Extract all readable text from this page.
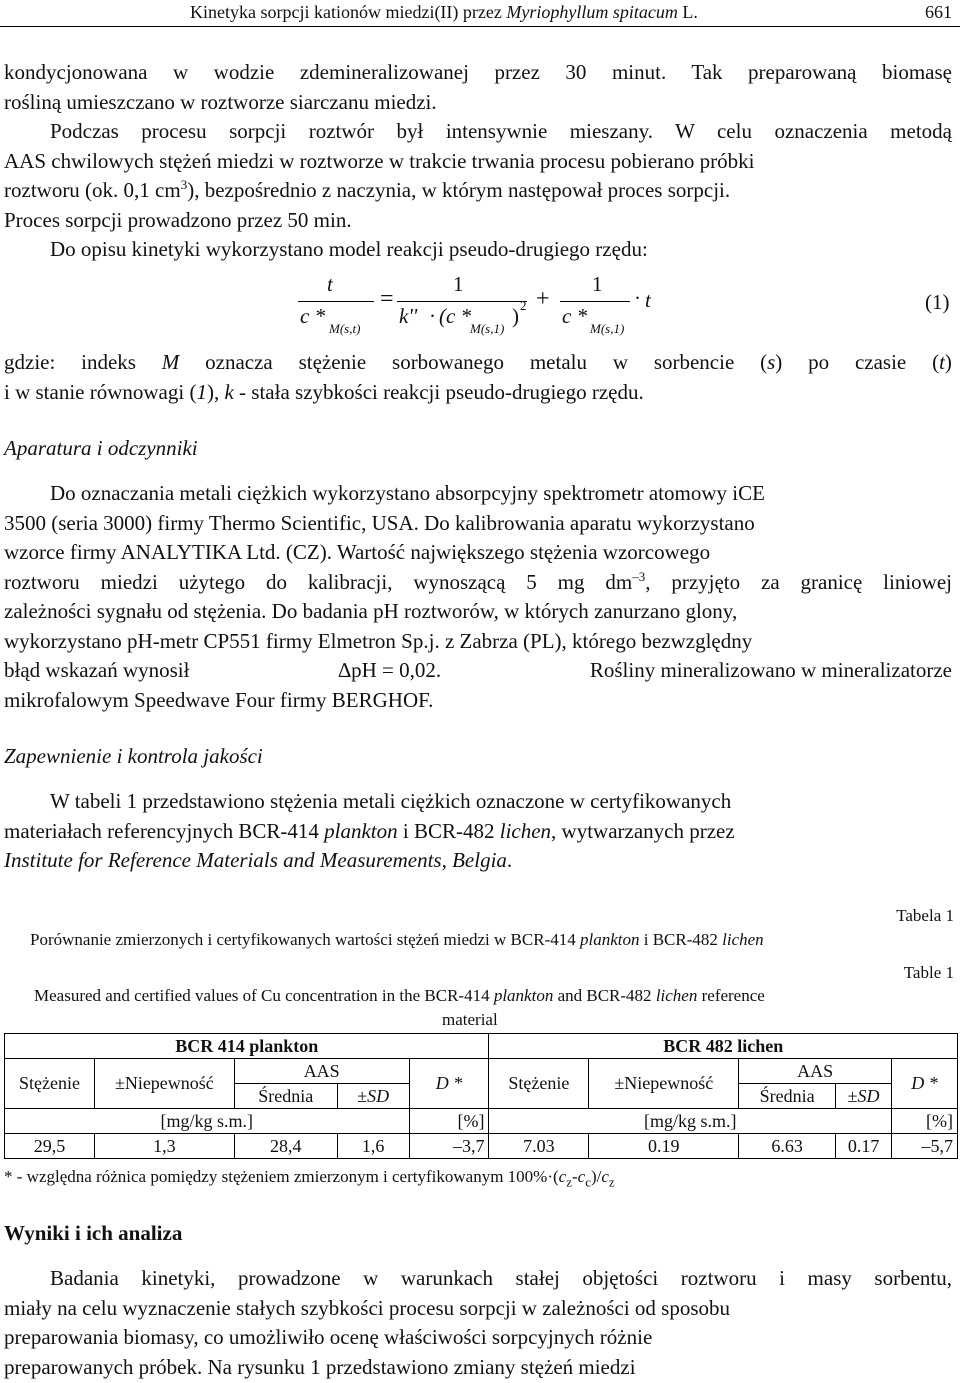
Kinetyka sorpcji kationów miedzi(II) przez Myriophyllum spitacum L.	661
kondycjonowana w wodzie zdemineralizowanej przez 30 minut. Tak preparowaną biomasę
rośliną umieszczano w roztworze siarczanu miedzi.
Podczas procesu sorpcji roztwór był intensywnie mieszany. W celu oznaczenia metodą
AAS chwilowych stężeń miedzi w roztworze w trakcie trwania procesu pobierano próbki
roztworu (ok. 0,1 $cm^3$), bezpośrednio z naczynia, w którym następował proces sorpcji.
Proces sorpcji prowadzono przez 50 min.
Do opisu kinetyki wykorzystano model reakcji pseudo-drugiego rzędu:
t
c *
M(s,t)
=
1
k'' · (c *
M(s,1)
) 2 +
1
c *
M(s,1)
· t	(1)
gdzie: indeks M oznacza stężenie sorbowanego metalu w sorbencie (s) po czasie (t)
i w stanie równowagi (1), k - stała szybkości reakcji pseudo-drugiego rzędu.
Aparatura i odczynniki
Do oznaczania metali ciężkich wykorzystano absorpcyjny spektrometr atomowy iCE
3500 (seria 3000) firmy Thermo Scientific, USA. Do kalibrowania aparatu wykorzystano
wzorce firmy ANALYTIKA Ltd. (CZ). Wartość największego stężenia wzorcowego
roztworu miedzi użytego do kalibracji, wynoszącą 5 mg $dm^{-3}$, przyjęto za granicę liniowej
zależności sygnału od stężenia. Do badania pH roztworów, w których zanurzano glony,
wykorzystano pH-metr CP551 firmy Elmetron Sp.j. z Zabrza (PL), którego bezwzględny
błąd wskazań wynosił	∆pH = 0,02.	Rośliny mineralizowano w mineralizatorze
mikrofalowym Speedwave Four firmy BERGHOF.
Zapewnienie i kontrola jakości
W tabeli 1 przedstawiono stężenia metali ciężkich oznaczone w certyfikowanych
materiałach referencyjnych BCR-414 plankton i BCR-482 lichen, wytwarzanych przez
Institute for Reference Materials and Measurements, Belgia.
Tabela 1
Porównanie zmierzonych i certyfikowanych wartości stężeń miedzi w BCR-414 plankton i BCR-482 lichen
Table 1
Measured and certified values of Cu concentration in the BCR-414 plankton and BCR-482 lichen reference
material
BCR 414 plankton					BCR 482 lichen				
Stężenie	±Niepewność	AAS		D *	Stężenie	±Niepewność	AAS		D *
		Średnia	±SD				Średnia	±SD	
[mg/kg s.m.]				[%]	[mg/kg s.m.]				[%]
29,5	1,3	28,4	1,6	–3,7	7.03	0.19	6.63	0.17	–5,7
* - względna różnica pomiędzy stężeniem zmierzonym i certyfikowanym $100\%\cdot(c_z-c_c)/c_z$
Wyniki i ich analiza
Badania kinetyki, prowadzone w warunkach stałej objętości roztworu i masy sorbentu,
miały na celu wyznaczenie stałych szybkości procesu sorpcji w zależności od sposobu
preparowania biomasy, co umożliwiło ocenę właściwości sorpcyjnych różnie
preparowanych próbek. Na rysunku 1 przedstawiono zmiany stężeń miedzi
